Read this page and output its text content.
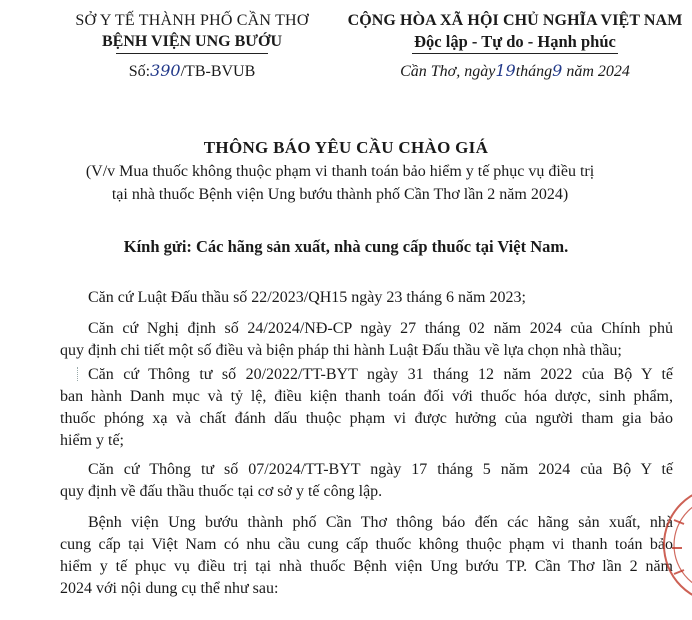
SỞ Y TẾ THÀNH PHỐ CẦN THƠ
BỆNH VIỆN UNG BƯỚU
Số:390/TB-BVUB
CỘNG HÒA XÃ HỘI CHỦ NGHĨA VIỆT NAM
Độc lập - Tự do - Hạnh phúc
Cần Thơ, ngày19tháng9 năm 2024
THÔNG BÁO YÊU CẦU CHÀO GIÁ
(V/v Mua thuốc không thuộc phạm vi thanh toán bảo hiểm y tế phục vụ điều trị
tại nhà thuốc Bệnh viện Ung bướu thành phố Cần Thơ lần 2 năm 2024)
Kính gửi: Các hãng sản xuất, nhà cung cấp thuốc tại Việt Nam.
Căn cứ Luật Đấu thầu số 22/2023/QH15 ngày 23 tháng 6 năm 2023;
Căn cứ Nghị định số 24/2024/NĐ-CP ngày 27 tháng 02 năm 2024 của Chính phủ
quy định chi tiết một số điều và biện pháp thi hành Luật Đấu thầu về lựa chọn nhà thầu;
Căn cứ Thông tư số 20/2022/TT-BYT ngày 31 tháng 12 năm 2022 của Bộ Y tế
ban hành Danh mục và tỷ lệ, điều kiện thanh toán đối với thuốc hóa dược, sinh phẩm,
thuốc phóng xạ và chất đánh dấu thuộc phạm vi được hưởng của người tham gia bảo
hiểm y tế;
Căn cứ Thông tư số 07/2024/TT-BYT ngày 17 tháng 5 năm 2024 của Bộ Y tế
quy định về đấu thầu thuốc tại cơ sở y tế công lập.
Bệnh viện Ung bướu thành phố Cần Thơ thông báo đến các hãng sản xuất, nhà
cung cấp tại Việt Nam có nhu cầu cung cấp thuốc không thuộc phạm vi thanh toán bảo
hiểm y tế phục vụ điều trị tại nhà thuốc Bệnh viện Ung bướu TP. Cần Thơ lần 2 năm
2024 với nội dung cụ thể như sau:
